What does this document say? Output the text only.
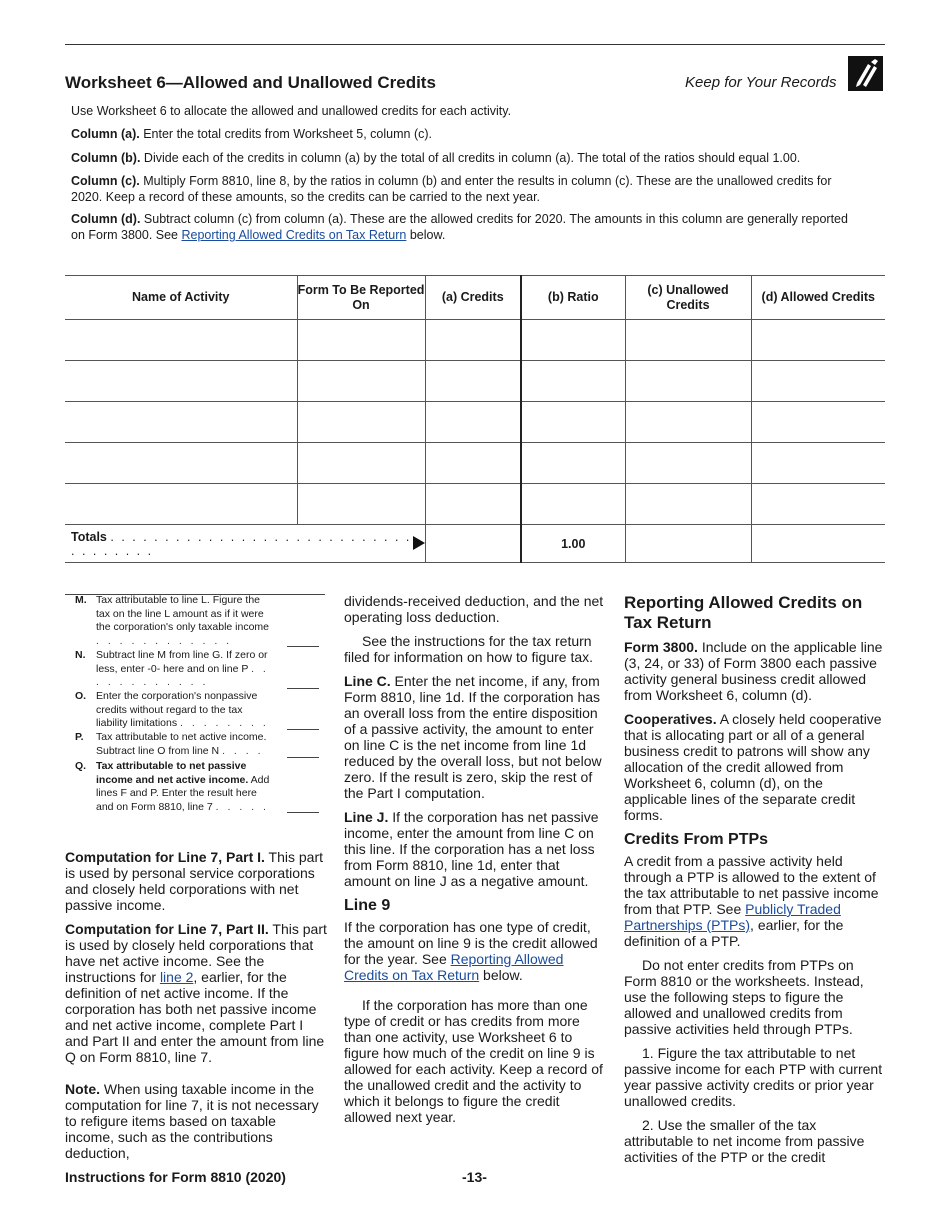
Worksheet 6—Allowed and Unallowed Credits	Keep for Your Records
Use Worksheet 6 to allocate the allowed and unallowed credits for each activity.
Column (a). Enter the total credits from Worksheet 5, column (c).
Column (b). Divide each of the credits in column (a) by the total of all credits in column (a). The total of the ratios should equal 1.00.
Column (c). Multiply Form 8810, line 8, by the ratios in column (b) and enter the results in column (c). These are the unallowed credits for 2020. Keep a record of these amounts, so the credits can be carried to the next year.
Column (d). Subtract column (c) from column (a). These are the allowed credits for 2020. The amounts in this column are generally reported on Form 3800. See Reporting Allowed Credits on Tax Return below.
Name of Activity	Form To Be Reported On	(a) Credits	(b) Ratio	(c) Unallowed Credits	(d) Allowed Credits

Totals . . . . . . . . . . . . . . . . . . . . . . . . . . . . . . . . . . . . .			1.00		
M. Tax attributable to line L. Figure the tax on the line L amount as if it were the corporation's only taxable income . . . . . . . . . . . .
N. Subtract line M from line G. If zero or less, enter -0- here and on line P . . . . . . . . . . . .
O. Enter the corporation's nonpassive credits without regard to the tax liability limitations . . . . . . . .
P. Tax attributable to net active income. Subtract line O from line N . . . .
Q. Tax attributable to net passive income and net active income. Add lines F and P. Enter the result here and on Form 8810, line 7 . . . . .

Computation for Line 7, Part I. This part is used by personal service corporations and closely held corporations with net passive income.

Computation for Line 7, Part II. This part is used by closely held corporations that have net active income. See the instructions for line 2, earlier, for the definition of net active income. If the corporation has both net passive income and net active income, complete Part I and Part II and enter the amount from line Q on Form 8810, line 7.

Note. When using taxable income in the computation for line 7, it is not necessary to refigure items based on taxable income, such as the contributions deduction,

dividends-received deduction, and the net operating loss deduction.

See the instructions for the tax return filed for information on how to figure tax.

Line C. Enter the net income, if any, from Form 8810, line 1d. If the corporation has an overall loss from the entire disposition of a passive activity, the amount to enter on line C is the net income from line 1d reduced by the overall loss, but not below zero. If the result is zero, skip the rest of the Part I computation.

Line J. If the corporation has net passive income, enter the amount from line C on this line. If the corporation has a net loss from Form 8810, line 1d, enter that amount on line J as a negative amount.

Line 9

If the corporation has one type of credit, the amount on line 9 is the credit allowed for the year. See Reporting Allowed Credits on Tax Return below.

If the corporation has more than one type of credit or has credits from more than one activity, use Worksheet 6 to figure how much of the credit on line 9 is allowed for each activity. Keep a record of the unallowed credit and the activity to which it belongs to figure the credit allowed next year.

Reporting Allowed Credits on Tax Return

Form 3800. Include on the applicable line (3, 24, or 33) of Form 3800 each passive activity general business credit allowed from Worksheet 6, column (d).

Cooperatives. A closely held cooperative that is allocating part or all of a general business credit to patrons will show any allocation of the credit allowed from Worksheet 6, column (d), on the applicable lines of the separate credit forms.

Credits From PTPs

A credit from a passive activity held through a PTP is allowed to the extent of the tax attributable to net passive income from that PTP. See Publicly Traded Partnerships (PTPs), earlier, for the definition of a PTP.

Do not enter credits from PTPs on Form 8810 or the worksheets. Instead, use the following steps to figure the allowed and unallowed credits from passive activities held through PTPs.

1. Figure the tax attributable to net passive income for each PTP with current year passive activity credits or prior year unallowed credits.

2. Use the smaller of the tax attributable to net income from passive activities of the PTP or the credit

Instructions for Form 8810 (2020)	-13-
